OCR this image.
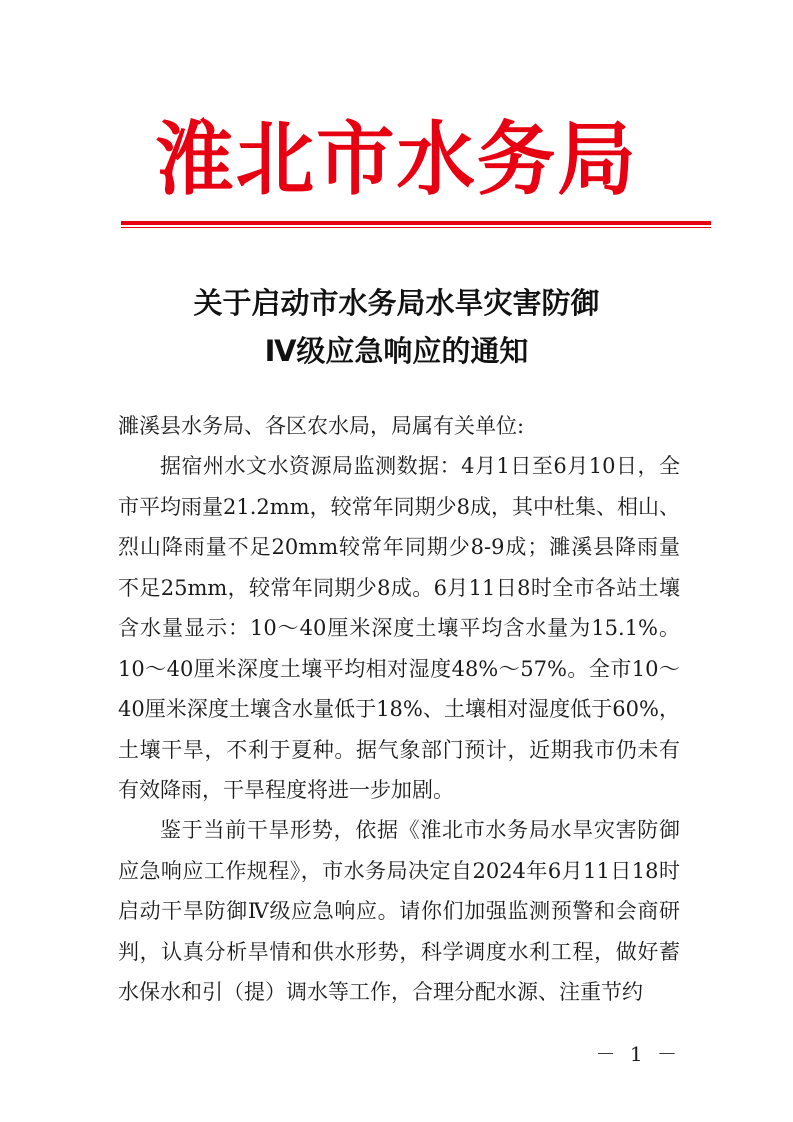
淮北市水务局
关于启动市水务局水旱灾害防御
Ⅳ级应急响应的通知
濉溪县水务局、各区农水局，局属有关单位:

据宿州水文水资源局监测数据：4月1日至6月10日，全市平均雨量21.2mm，较常年同期少8成，其中杜集、相山、烈山降雨量不足20mm较常年同期少8-9成；濉溪县降雨量不足25mm，较常年同期少8成。6月11日8时全市各站土壤含水量显示：10～40厘米深度土壤平均含水量为15.1%。10～40厘米深度土壤平均相对湿度48%～57%。全市10～40厘米深度土壤含水量低于18%、土壤相对湿度低于60%，土壤干旱，不利于夏种。据气象部门预计，近期我市仍未有有效降雨，干旱程度将进一步加剧。

鉴于当前干旱形势，依据《淮北市水务局水旱灾害防御应急响应工作规程》，市水务局决定自2024年6月11日18时启动干旱防御Ⅳ级应急响应。请你们加强监测预警和会商研判，认真分析旱情和供水形势，科学调度水利工程，做好蓄水保水和引（提）调水等工作，合理分配水源、注重节约

－ 1 －
